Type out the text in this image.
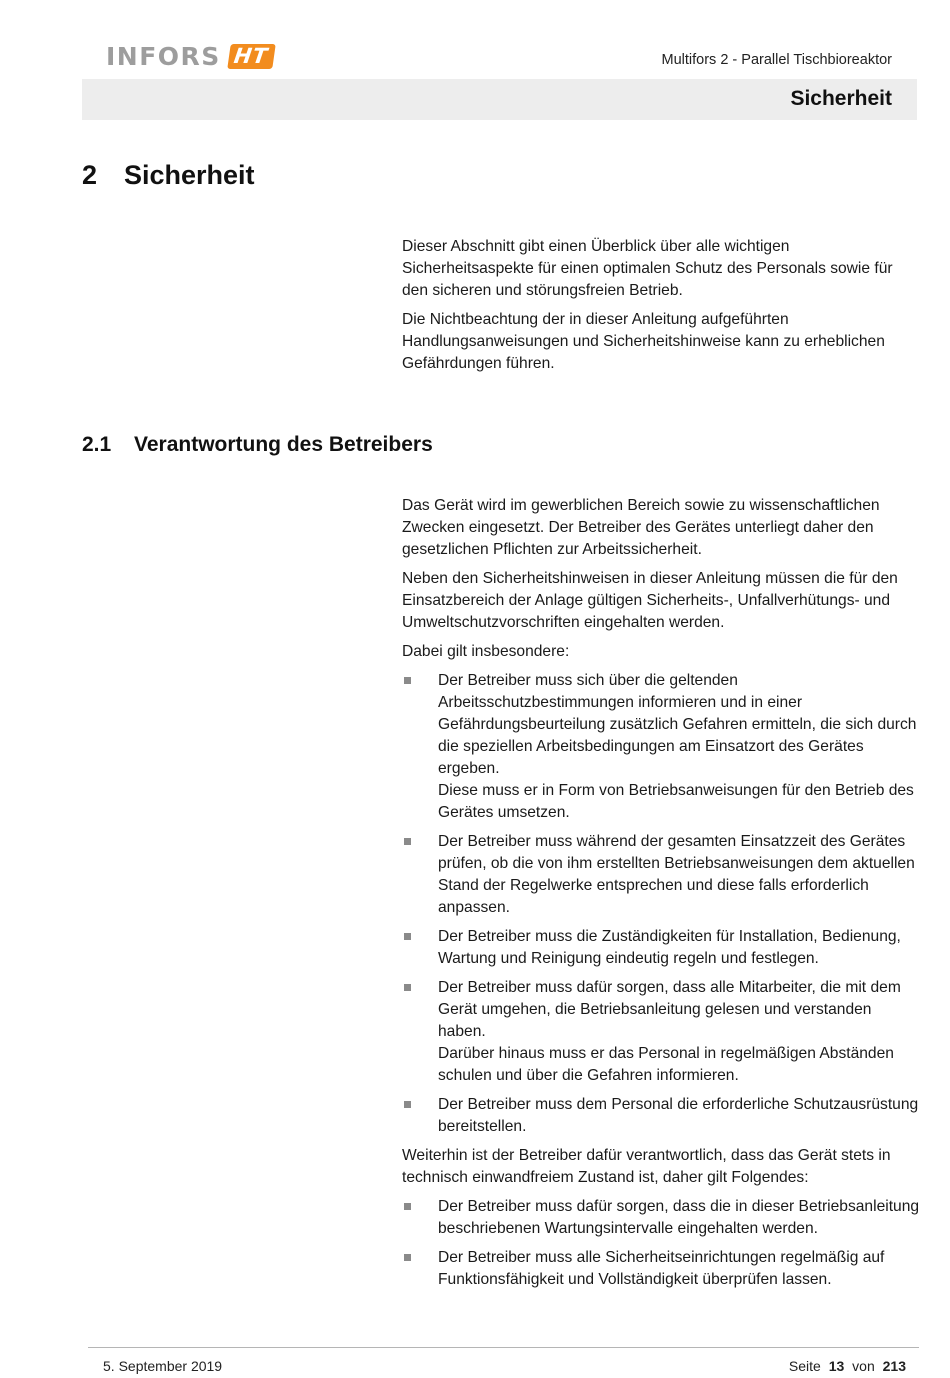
INFORS HT	Multifors 2 - Parallel Tischbioreaktor
Sicherheit
2 Sicherheit

Dieser Abschnitt gibt einen Überblick über alle wichtigen Sicherheitsaspekte für einen optimalen Schutz des Personals sowie für den sicheren und störungsfreien Betrieb.

Die Nichtbeachtung der in dieser Anleitung aufgeführten Handlungsanweisungen und Sicherheitshinweise kann zu erheblichen Gefährdungen führen.

2.1	Verantwortung des Betreibers

Das Gerät wird im gewerblichen Bereich sowie zu wissenschaftlichen Zwecken eingesetzt. Der Betreiber des Gerätes unterliegt daher den gesetzlichen Pflichten zur Arbeitssicherheit.

Neben den Sicherheitshinweisen in dieser Anleitung müssen die für den Einsatzbereich der Anlage gültigen Sicherheits-, Unfallverhütungs- und Umweltschutzvorschriften eingehalten werden.

Dabei gilt insbesondere:

Der Betreiber muss sich über die geltenden Arbeitsschutzbestimmungen informieren und in einer Gefährdungsbeurteilung zusätzlich Gefahren ermitteln, die sich durch die speziellen Arbeitsbedingungen am Einsatzort des Gerätes ergeben.
Diese muss er in Form von Betriebsanweisungen für den Betrieb des Gerätes umsetzen.
Der Betreiber muss während der gesamten Einsatzzeit des Gerätes prüfen, ob die von ihm erstellten Betriebsanweisungen dem aktuellen Stand der Regelwerke entsprechen und diese falls erforderlich anpassen.
Der Betreiber muss die Zuständigkeiten für Installation, Bedienung, Wartung und Reinigung eindeutig regeln und festlegen.
Der Betreiber muss dafür sorgen, dass alle Mitarbeiter, die mit dem Gerät umgehen, die Betriebsanleitung gelesen und verstanden haben.
Darüber hinaus muss er das Personal in regelmäßigen Abständen schulen und über die Gefahren informieren.
Der Betreiber muss dem Personal die erforderliche Schutzausrüstung bereitstellen.

Weiterhin ist der Betreiber dafür verantwortlich, dass das Gerät stets in technisch einwandfreiem Zustand ist, daher gilt Folgendes:

Der Betreiber muss dafür sorgen, dass die in dieser Betriebsanleitung beschriebenen Wartungsintervalle eingehalten werden.
Der Betreiber muss alle Sicherheitseinrichtungen regelmäßig auf Funktionsfähigkeit und Vollständigkeit überprüfen lassen.
5. September 2019	Seite 13 von 213
